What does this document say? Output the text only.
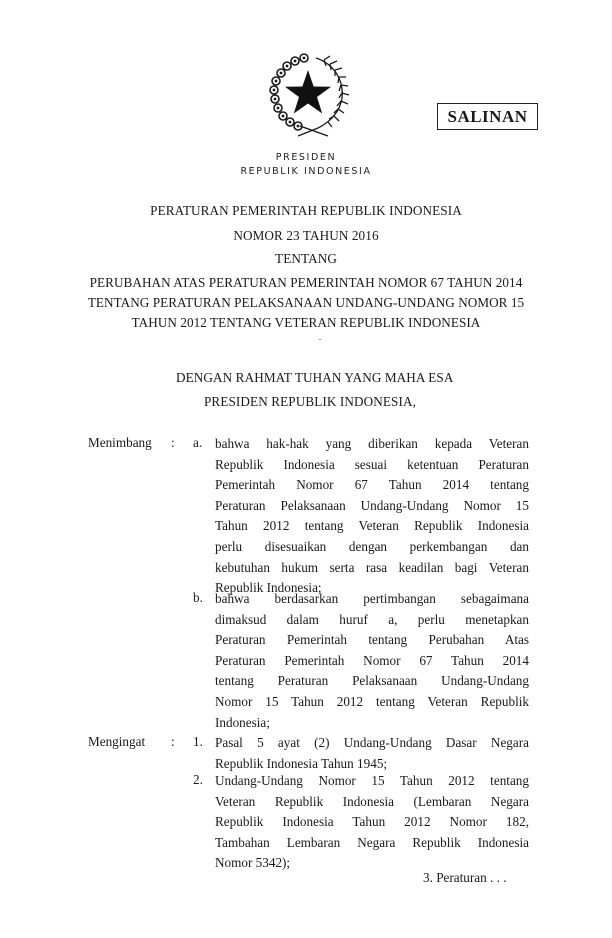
SALINAN
PRESIDEN
REPUBLIK INDONESIA
PERATURAN PEMERINTAH REPUBLIK INDONESIA
NOMOR 23 TAHUN 2016
TENTANG
PERUBAHAN ATAS PERATURAN PEMERINTAH NOMOR 67 TAHUN 2014
TENTANG PERATURAN PELAKSANAAN UNDANG-UNDANG NOMOR 15
TAHUN 2012 TENTANG VETERAN REPUBLIK INDONESIA
DENGAN RAHMAT TUHAN YANG MAHA ESA
PRESIDEN REPUBLIK INDONESIA,
Menimbang : a. bahwa hak-hak yang diberikan kepada Veteran
Republik Indonesia sesuai ketentuan Peraturan
Pemerintah Nomor 67 Tahun 2014 tentang
Peraturan Pelaksanaan Undang-Undang Nomor 15
Tahun 2012 tentang Veteran Republik Indonesia
perlu disesuaikan dengan perkembangan dan
kebutuhan hukum serta rasa keadilan bagi Veteran
Republik Indonesia;
b. bahwa berdasarkan pertimbangan sebagaimana
dimaksud dalam huruf a, perlu menetapkan
Peraturan Pemerintah tentang Perubahan Atas
Peraturan Pemerintah Nomor 67 Tahun 2014
tentang Peraturan Pelaksanaan Undang-Undang
Nomor 15 Tahun 2012 tentang Veteran Republik
Indonesia;
Mengingat : 1. Pasal 5 ayat (2) Undang-Undang Dasar Negara
Republik Indonesia Tahun 1945;
2. Undang-Undang Nomor 15 Tahun 2012 tentang
Veteran Republik Indonesia (Lembaran Negara
Republik Indonesia Tahun 2012 Nomor 182,
Tambahan Lembaran Negara Republik Indonesia
Nomor 5342);
3. Peraturan . . .
